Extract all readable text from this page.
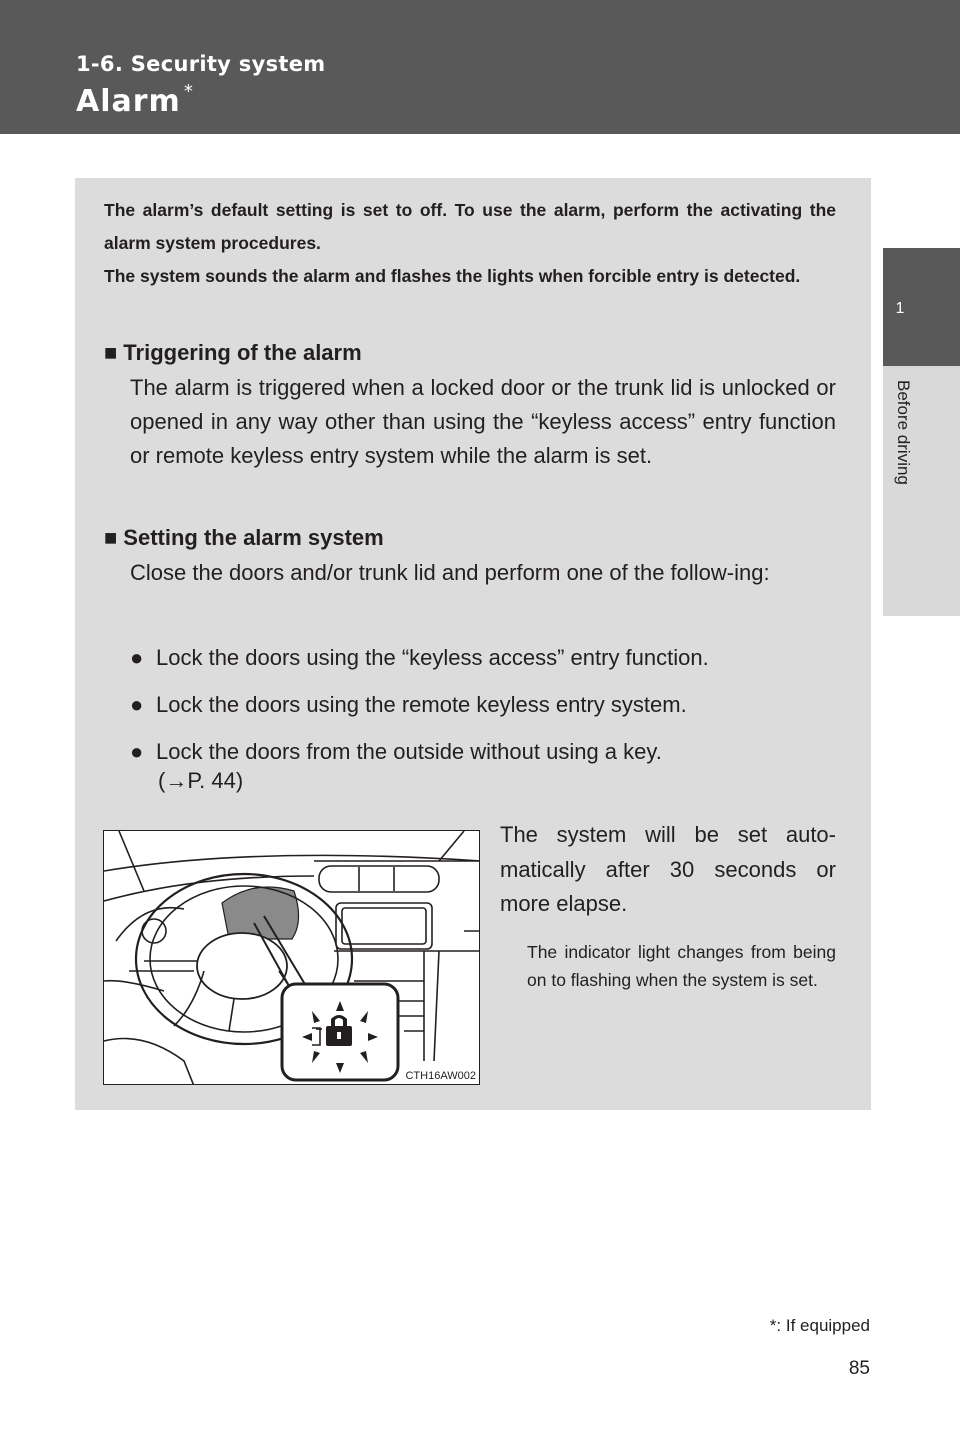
1-6. Security system
Alarm *
1
Before driving

The alarm’s default setting is set to off. To use the alarm, perform the activating the alarm system procedures.

The system sounds the alarm and flashes the lights when forcible entry is detected.

■ Triggering of the alarm
The alarm is triggered when a locked door or the trunk lid is unlocked or opened in any way other than using the “keyless access” entry function or remote keyless entry system while the alarm is set.
■ Setting the alarm system
Close the doors and/or trunk lid and perform one of the follow-ing:
● Lock the doors using the “keyless access” entry function.
● Lock the doors using the remote keyless entry system.
● Lock the doors from the outside without using a key.
(→P. 44)
CTH16AW002
The system will be set auto-matically after 30 seconds or more elapse.
The indicator light changes from being on to flashing when the system is set.
*: If equipped
85
